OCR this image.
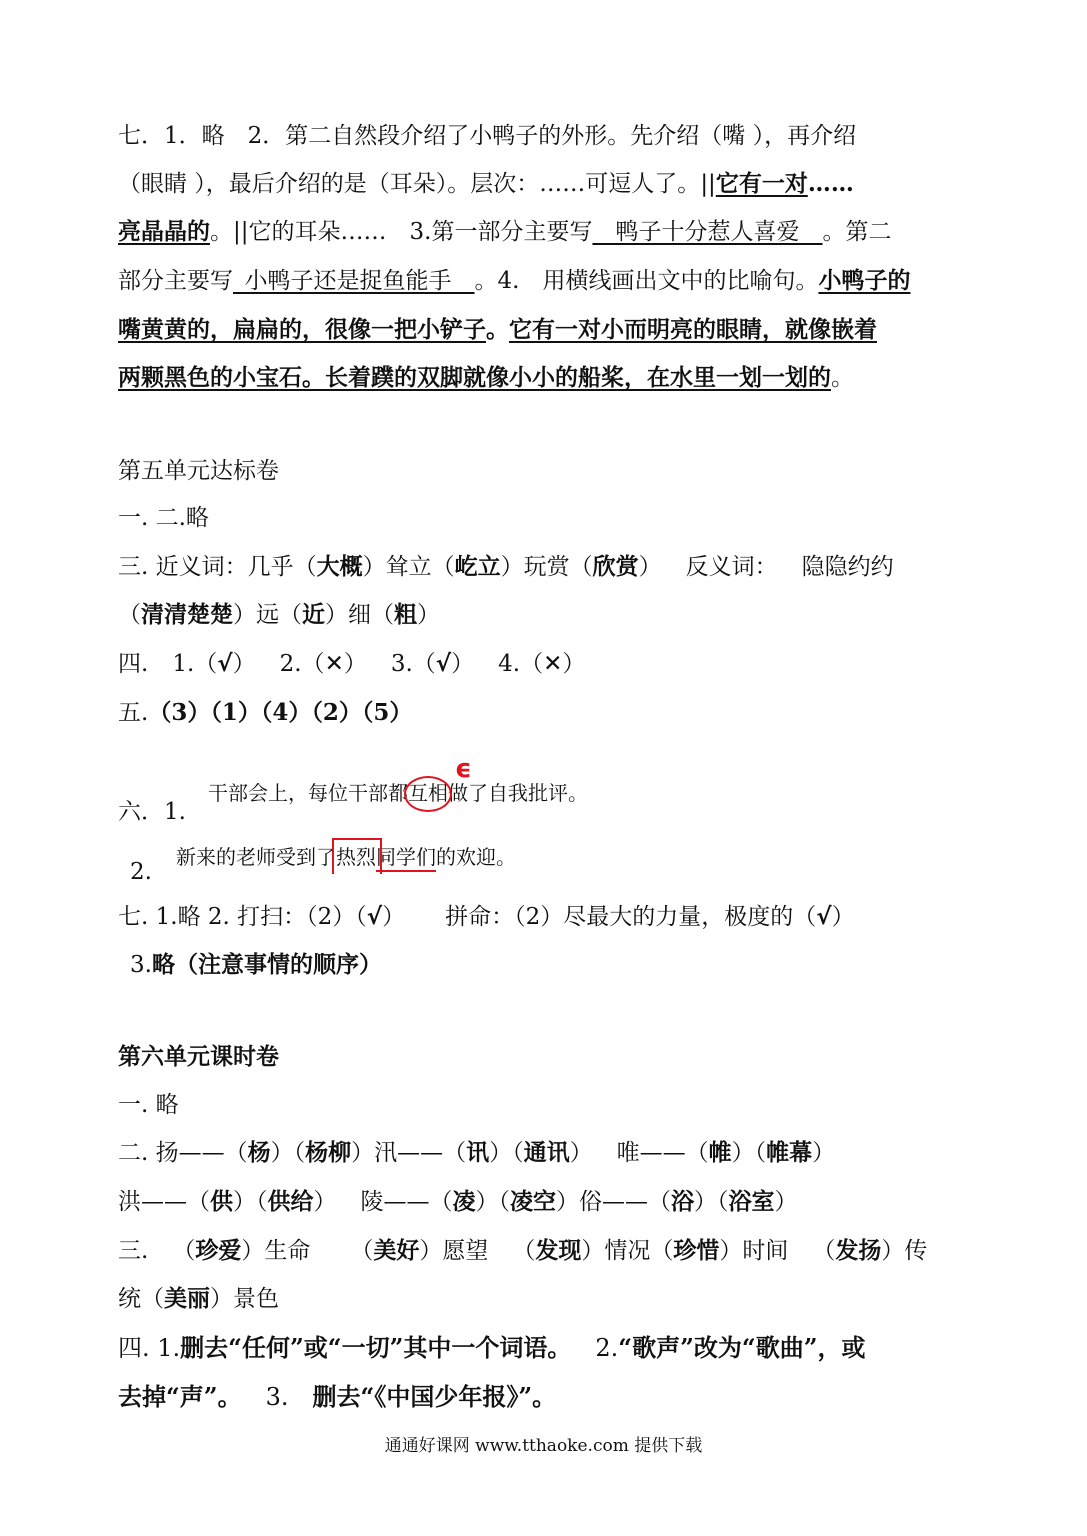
七．1．略　2．第二自然段介绍了小鸭子的外形。先介绍（嘴 ），再介绍
（眼睛 ），最后介绍的是（耳朵）。层次：……可逗人了。||它有一对……
亮晶晶的。||它的耳朵……　3.第一部分主要写__鸭子十分惹人喜爱__。第二
部分主要写_小鸭子还是捉鱼能手__。4.　用横线画出文中的比喻句。小鸭子的
嘴黄黄的，扁扁的，很像一把小铲子。它有一对小而明亮的眼睛，就像嵌着
两颗黑色的小宝石。长着蹼的双脚就像小小的船桨，在水里一划一划的。
第五单元达标卷
一. 二.略
三. 近义词：几乎（大概）耸立（屹立）玩赏（欣赏） 反义词： 隐隐约约
（清清楚楚）远（近）细（粗）
四. 1.（√） 2.（✕） 3.（√） 4.（✕）
五.（3）（1）（4）（2）（5）
六．1.
干部会上，每位干部都互相
做了自我批评。
ϵ
2.
新来的老师受到了热烈
同学们的欢迎。
七. 1.略 2. 打扫：（2）（√） 拼命：（2）尽最大的力量，极度的（√）
3.略（注意事情的顺序）
第六单元课时卷
一. 略
二. 扬——（杨）（杨柳）汛——（讯）（通讯） 唯——（帷）（帷幕）
洪——（供）（供给） 陵——（凌）（凌空）俗——（浴）（浴室）
三. （珍爱）生命 （美好）愿望 （发现）情况（珍惜）时间 （发扬）传
统（美丽）景色
四. 1.删去“任何”或“一切”其中一个词语。 2.“歌声”改为“歌曲”，或
去掉“声”。 3. 删去“《中国少年报》”。
通通好课网 www.tthaoke.com 提供下载
